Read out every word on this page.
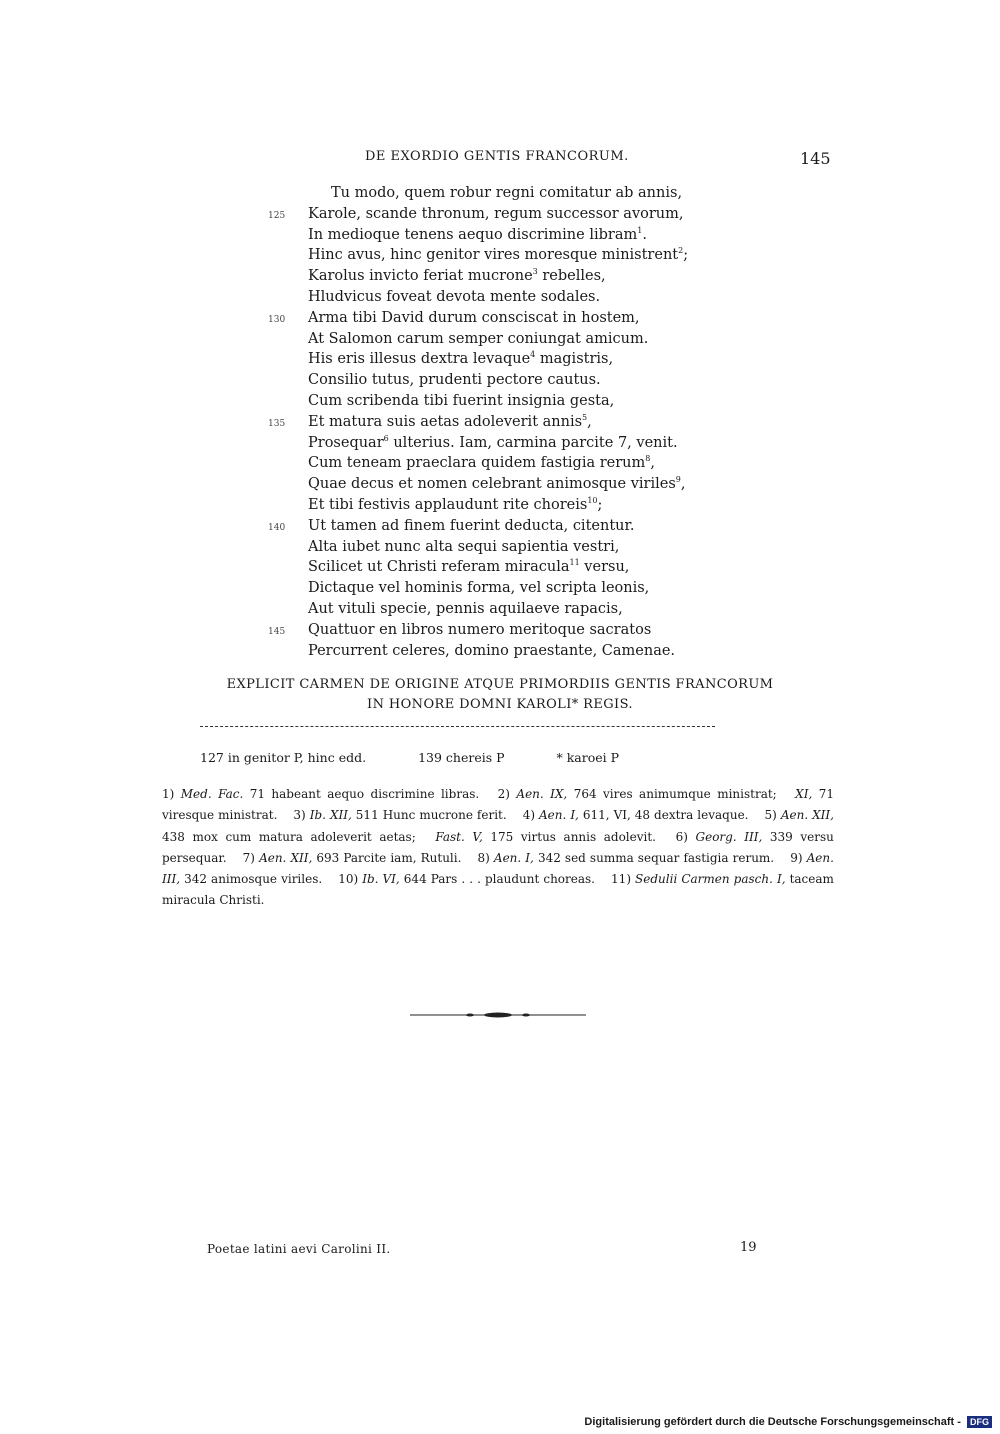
DE EXORDIO GENTIS FRANCORUM.	145
Tu modo, quem robur regni comitatur ab annis,
125 Karole, scande thronum, regum successor avorum,
In medioque tenens aequo discrimine libram$^1$.
Hinc avus, hinc genitor vires moresque ministrent$^2$;
Karolus invicto feriat mucrone$^3$ rebelles,
Hludvicus foveat devota mente sodales.
130 Arma tibi David durum consciscat in hostem,
At Salomon carum semper coniungat amicum.
His eris illesus dextra levaque$^4$ magistris,
Consilio tutus, prudenti pectore cautus.
Cum scribenda tibi fuerint insignia gesta,
135 Et matura suis aetas adoleverit annis$^5$,
Prosequar$^6$ ulterius. Iam, carmina parcite 7, venit.
Cum teneam praeclara quidem fastigia rerum$^8$,
Quae decus et nomen celebrant animosque viriles$^9$,
Et tibi festivis applaudunt rite choreis$^{10}$;
140 Ut tamen ad finem fuerint deducta, citentur.
Alta iubet nunc alta sequi sapientia vestri,
Scilicet ut Christi referam miracula$^{11}$ versu,
Dictaque vel hominis forma, vel scripta leonis,
Aut vituli specie, pennis aquilaeve rapacis,
145 Quattuor en libros numero meritoque sacratos
Percurrent celeres, domino praestante, Camenae.
EXPLICIT CARMEN DE ORIGINE ATQUE PRIMORDIIS GENTIS FRANCORUM
IN HONORE DOMNI KAROLI* REGIS.
127 in genitor P, hinc edd.	139 chereis P	* karoei P
1) Med. Fac. 71 habeant aequo discrimine libras.  2) Aen. IX, 764 vires animumque ministrat;  XI, 71 viresque ministrat.  3) Ib. XII, 511 Hunc mucrone ferit.  4) Aen. I, 611, VI, 48 dextra levaque.  5) Aen. XII, 438 mox cum matura adoleverit aetas;  Fast. V, 175 virtus annis adolevit.  6) Georg. III, 339 versu persequar.  7) Aen. XII, 693 Parcite iam, Rutuli.  8) Aen. I, 342 sed summa sequar fastigia rerum.  9) Aen. III, 342 animosque viriles.  10) Ib. VI, 644 Pars . . . plaudunt choreas.  11) Sedulii Carmen pasch. I, taceam miracula Christi. 
Poetae latini aevi Carolini II.	19
Digitalisierung gefördert durch die Deutsche Forschungsgemeinschaft - DFG
